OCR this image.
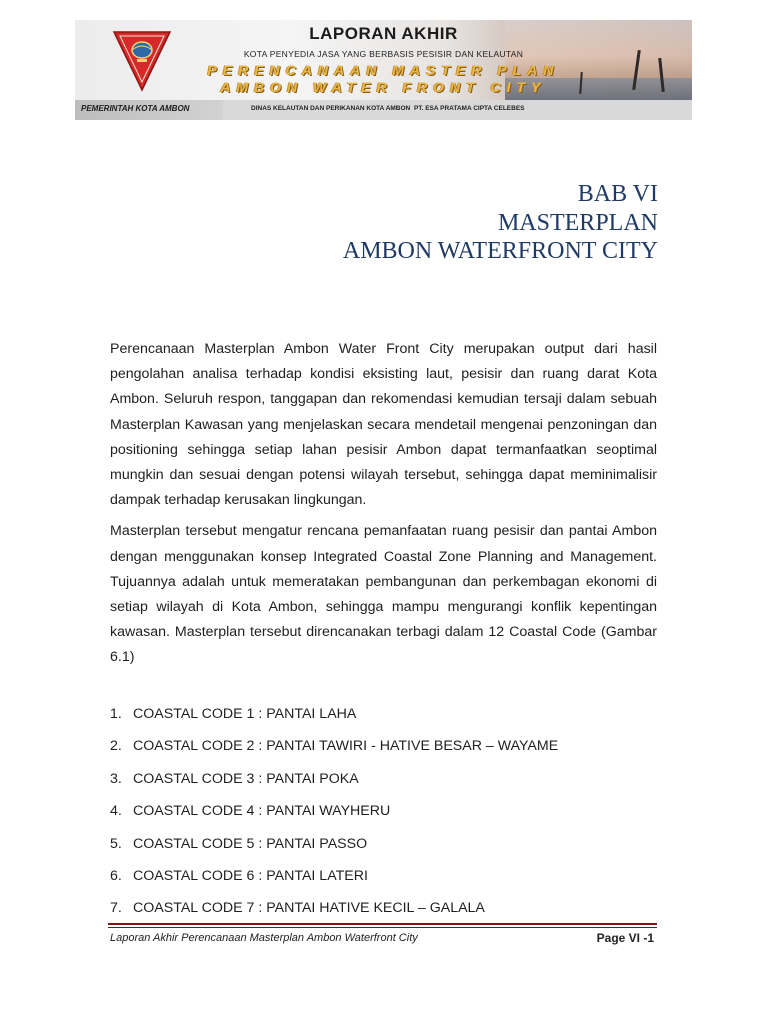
LAPORAN AKHIR
KOTA PENYEDIA JASA YANG BERBASIS PESISIR DAN KELAUTAN
PERENCANAAN MASTER PLAN
AMBON WATER FRONT CITY
PEMERINTAH KOTA AMBON	DINAS KELAUTAN DAN PERIKANAN KOTA AMBON PT. ESA PRATAMA CIPTA CELEBES
BAB VI
MASTERPLAN
AMBON WATERFRONT CITY

Perencanaan Masterplan Ambon Water Front City merupakan output dari hasil pengolahan analisa terhadap kondisi eksisting laut, pesisir dan ruang darat Kota Ambon. Seluruh respon, tanggapan dan rekomendasi kemudian tersaji dalam sebuah Masterplan Kawasan yang menjelaskan secara mendetail mengenai penzoningan dan positioning sehingga setiap lahan pesisir Ambon dapat termanfaatkan seoptimal mungkin dan sesuai dengan potensi wilayah tersebut, sehingga dapat meminimalisir dampak terhadap kerusakan lingkungan.

Masterplan tersebut mengatur rencana pemanfaatan ruang pesisir dan pantai Ambon dengan menggunakan konsep Integrated Coastal Zone Planning and Management. Tujuannya adalah untuk memeratakan pembangunan dan perkembagan ekonomi di setiap wilayah di Kota Ambon, sehingga mampu mengurangi konflik kepentingan kawasan. Masterplan tersebut direncanakan terbagi dalam 12 Coastal Code (Gambar 6.1)

1. COASTAL CODE 1 : PANTAI LAHA
2. COASTAL CODE 2 : PANTAI TAWIRI - HATIVE BESAR – WAYAME
3. COASTAL CODE 3 : PANTAI POKA
4. COASTAL CODE 4 : PANTAI WAYHERU
5. COASTAL CODE 5 : PANTAI PASSO
6. COASTAL CODE 6 : PANTAI LATERI
7. COASTAL CODE 7 : PANTAI HATIVE KECIL – GALALA
Laporan Akhir Perencanaan Masterplan Ambon Waterfront City	Page VI -1
